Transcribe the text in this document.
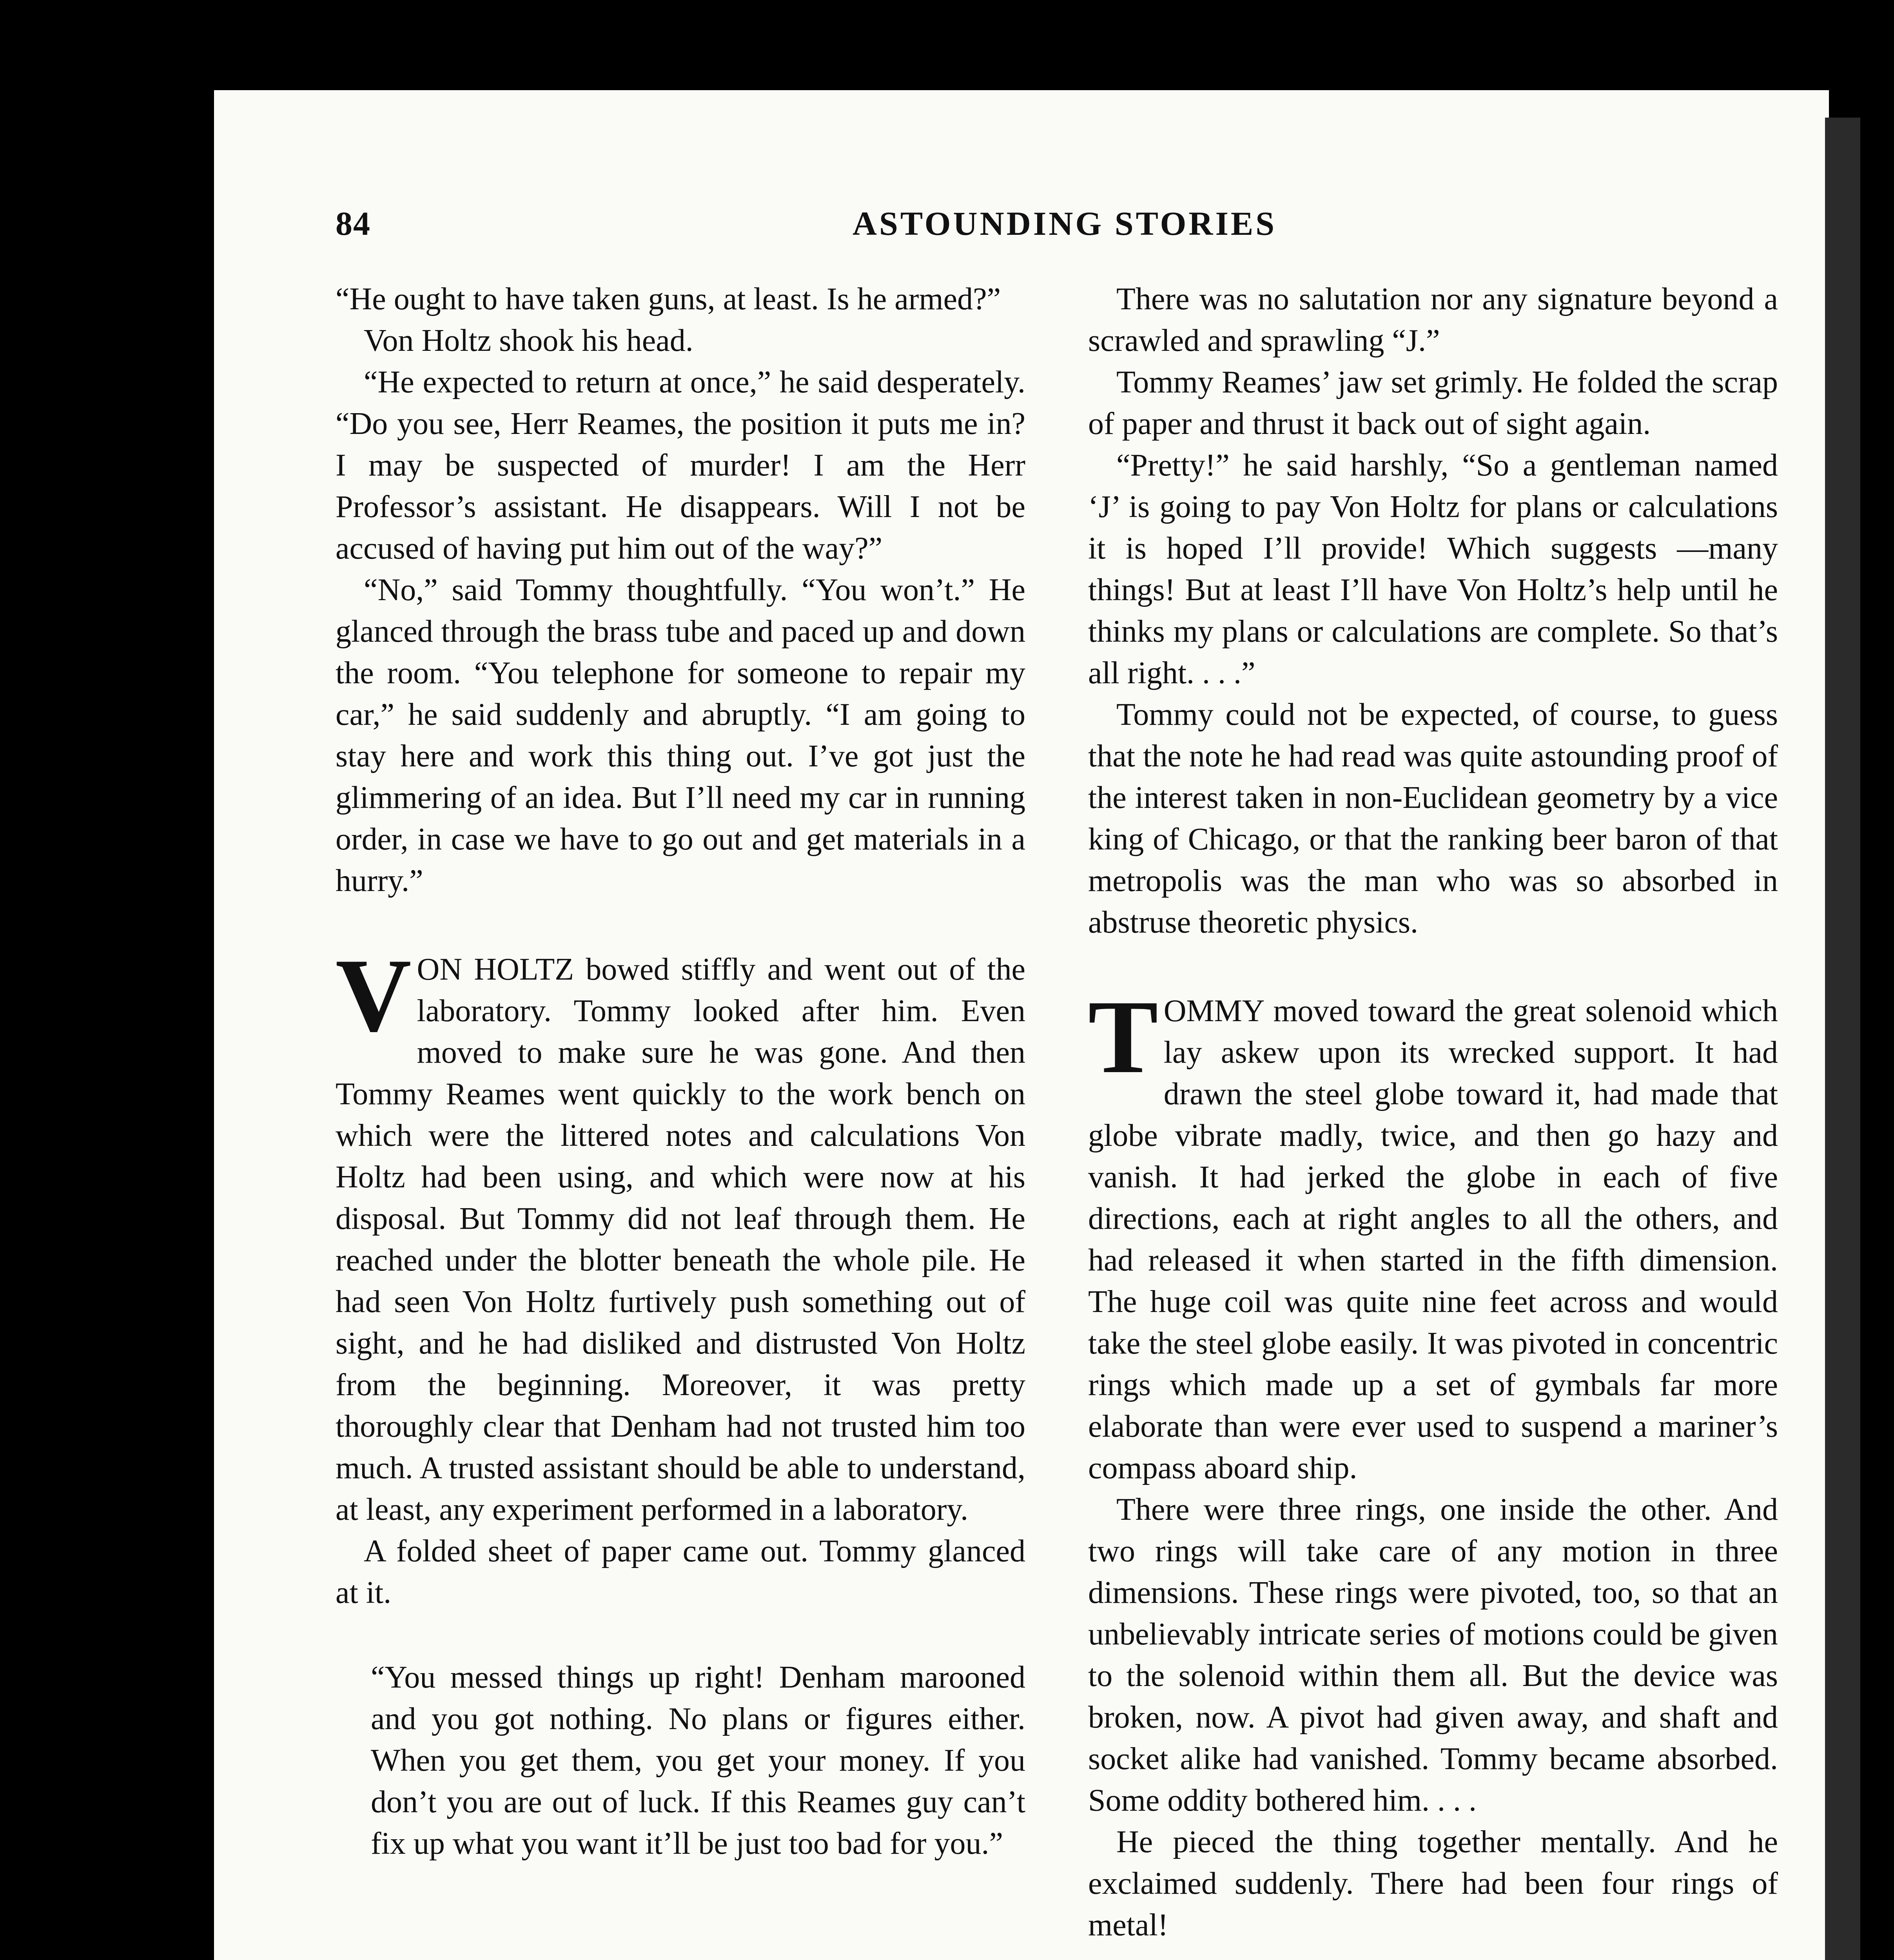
84	ASTOUNDING STORIES

“He ought to have taken guns, at least. Is he armed?”

Von Holtz shook his head.

“He expected to return at once,” he said desperately. “Do you see, Herr Reames, the position it puts me in? I may be suspected of murder! I am the Herr Professor’s assistant. He disappears. Will I not be accused of having put him out of the way?”

“No,” said Tommy thoughtfully. “You won’t.” He glanced through the brass tube and paced up and down the room. “You telephone for someone to repair my car,” he said suddenly and abruptly. “I am going to stay here and work this thing out. I’ve got just the glimmering of an idea. But I’ll need my car in running order, in case we have to go out and get materials in a hurry.”

VON HOLTZ bowed stiffly and went out of the laboratory. Tommy looked after him. Even moved to make sure he was gone. And then Tommy Reames went quickly to the work bench on which were the littered notes and calculations Von Holtz had been using, and which were now at his disposal. But Tommy did not leaf through them. He reached under the blotter beneath the whole pile. He had seen Von Holtz furtively push something out of sight, and he had disliked and distrusted Von Holtz from the beginning. Moreover, it was pretty thoroughly clear that Denham had not trusted him too much. A trusted assistant should be able to understand, at least, any experiment performed in a laboratory.

A folded sheet of paper came out. Tommy glanced at it.

“You messed things up right! Denham marooned and you got nothing. No plans or figures either. When you get them, you get your money. If you don’t you are out of luck. If this Reames guy can’t fix up what you want it’ll be just too bad for you.”

There was no salutation nor any signature beyond a scrawled and sprawling “J.”

Tommy Reames’ jaw set grimly. He folded the scrap of paper and thrust it back out of sight again.

“Pretty!” he said harshly, “So a gentleman named ‘J’ is going to pay Von Holtz for plans or calculations it is hoped I’ll provide! Which suggests —many things! But at least I’ll have Von Holtz’s help until he thinks my plans or calculations are complete. So that’s all right. . . .”

Tommy could not be expected, of course, to guess that the note he had read was quite astounding proof of the interest taken in non-Euclidean geometry by a vice king of Chicago, or that the ranking beer baron of that metropolis was the man who was so absorbed in abstruse theoretic physics.

TOMMY moved toward the great solenoid which lay askew upon its wrecked support. It had drawn the steel globe toward it, had made that globe vibrate madly, twice, and then go hazy and vanish. It had jerked the globe in each of five directions, each at right angles to all the others, and had released it when started in the fifth dimension. The huge coil was quite nine feet across and would take the steel globe easily. It was pivoted in concentric rings which made up a set of gymbals far more elaborate than were ever used to suspend a mariner’s compass aboard ship.

There were three rings, one inside the other. And two rings will take care of any motion in three dimensions. These rings were pivoted, too, so that an unbelievably intricate series of motions could be given to the solenoid within them all. But the device was broken, now. A pivot had given away, and shaft and socket alike had vanished. Tommy became absorbed. Some oddity bothered him. . . .

He pieced the thing together mentally. And he exclaimed suddenly. There had been four rings of metal!
